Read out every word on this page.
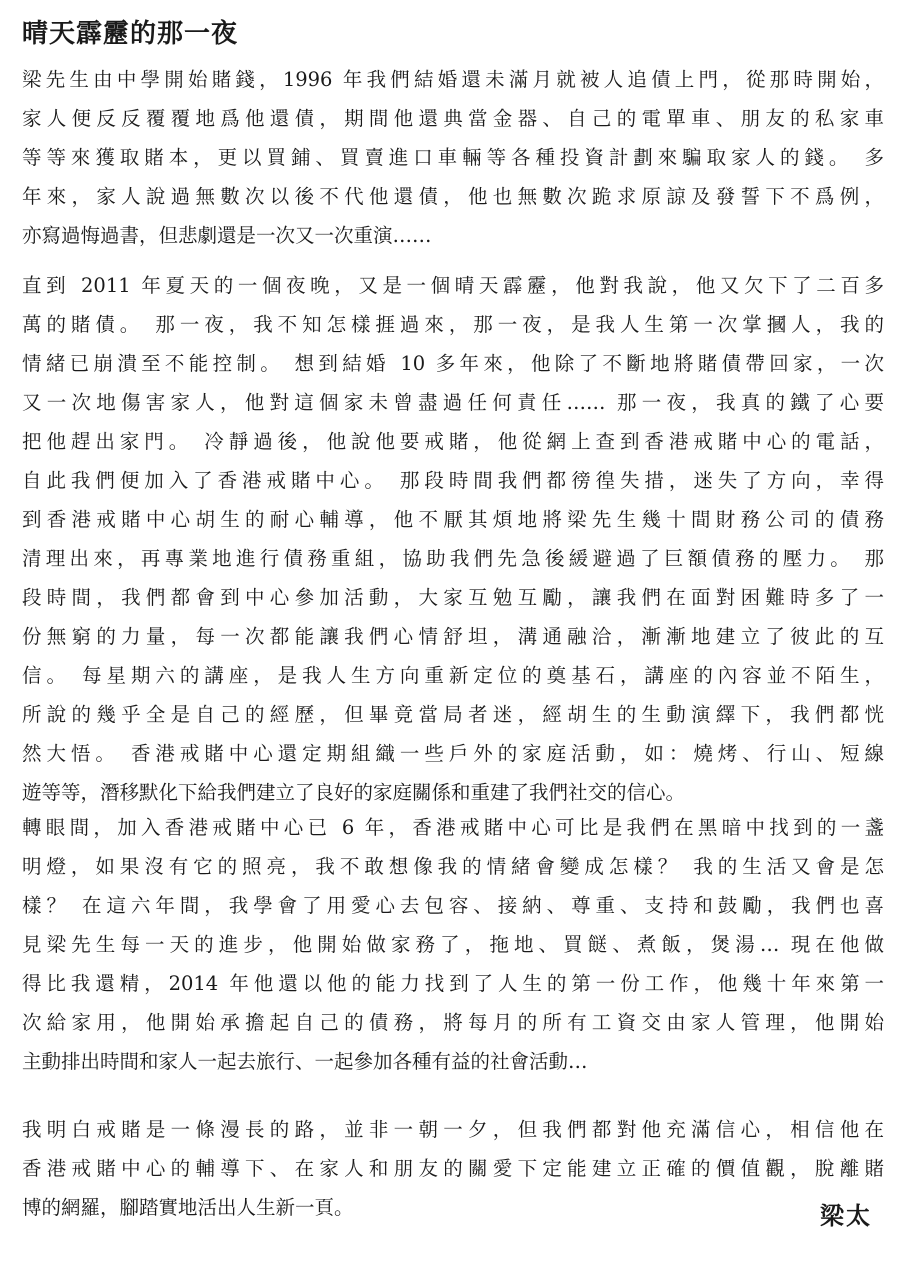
晴天霹靂的那一夜

梁先生由中學開始賭錢，1996 年我們結婚還未滿月就被人追債上門，從那時開始，
家人便反反覆覆地爲他還債，期間他還典當金器、自己的電單車、朋友的私家車
等等來獲取賭本，更以買鋪、買賣進口車輛等各種投資計劃來騙取家人的錢。 多
年來，家人說過無數次以後不代他還債，他也無數次跪求原諒及發誓下不爲例，
亦寫過悔過書，但悲劇還是一次又一次重演……

直到 2011 年夏天的一個夜晚，又是一個晴天霹靂，他對我說，他又欠下了二百多
萬的賭債。 那一夜，我不知怎樣捱過來，那一夜，是我人生第一次掌摑人，我的
情緒已崩潰至不能控制。 想到結婚 10 多年來，他除了不斷地將賭債帶回家，一次
又一次地傷害家人，他對這個家未曾盡過任何責任…… 那一夜，我真的鐵了心要
把他趕出家門。 冷靜過後，他說他要戒賭，他從網上查到香港戒賭中心的電話，
自此我們便加入了香港戒賭中心。 那段時間我們都徬徨失措，迷失了方向，幸得
到香港戒賭中心胡生的耐心輔導，他不厭其煩地將梁先生幾十間財務公司的債務
清理出來，再專業地進行債務重組，協助我們先急後緩避過了巨額債務的壓力。 那
段時間，我們都會到中心參加活動，大家互勉互勵，讓我們在面對困難時多了一
份無窮的力量，每一次都能讓我們心情舒坦，溝通融洽，漸漸地建立了彼此的互
信。 每星期六的講座，是我人生方向重新定位的奠基石，講座的內容並不陌生，
所說的幾乎全是自己的經歷，但畢竟當局者迷，經胡生的生動演繹下，我們都恍
然大悟。 香港戒賭中心還定期組織一些戶外的家庭活動，如：燒烤、行山、短線
遊等等，潛移默化下給我們建立了良好的家庭關係和重建了我們社交的信心。

轉眼間，加入香港戒賭中心已 6 年，香港戒賭中心可比是我們在黑暗中找到的一盞
明燈，如果沒有它的照亮，我不敢想像我的情緒會變成怎樣？ 我的生活又會是怎
樣？ 在這六年間，我學會了用愛心去包容、接納、尊重、支持和鼓勵，我們也喜
見梁先生每一天的進步，他開始做家務了，拖地、買餸、煮飯，煲湯… 現在他做
得比我還精，2014 年他還以他的能力找到了人生的第一份工作，他幾十年來第一
次給家用，他開始承擔起自己的債務，將每月的所有工資交由家人管理，他開始
主動排出時間和家人一起去旅行、一起參加各種有益的社會活動…

我明白戒賭是一條漫長的路，並非一朝一夕，但我們都對他充滿信心，相信他在
香港戒賭中心的輔導下、在家人和朋友的關愛下定能建立正確的價值觀，脫離賭
博的網羅，腳踏實地活出人生新一頁。	梁太
